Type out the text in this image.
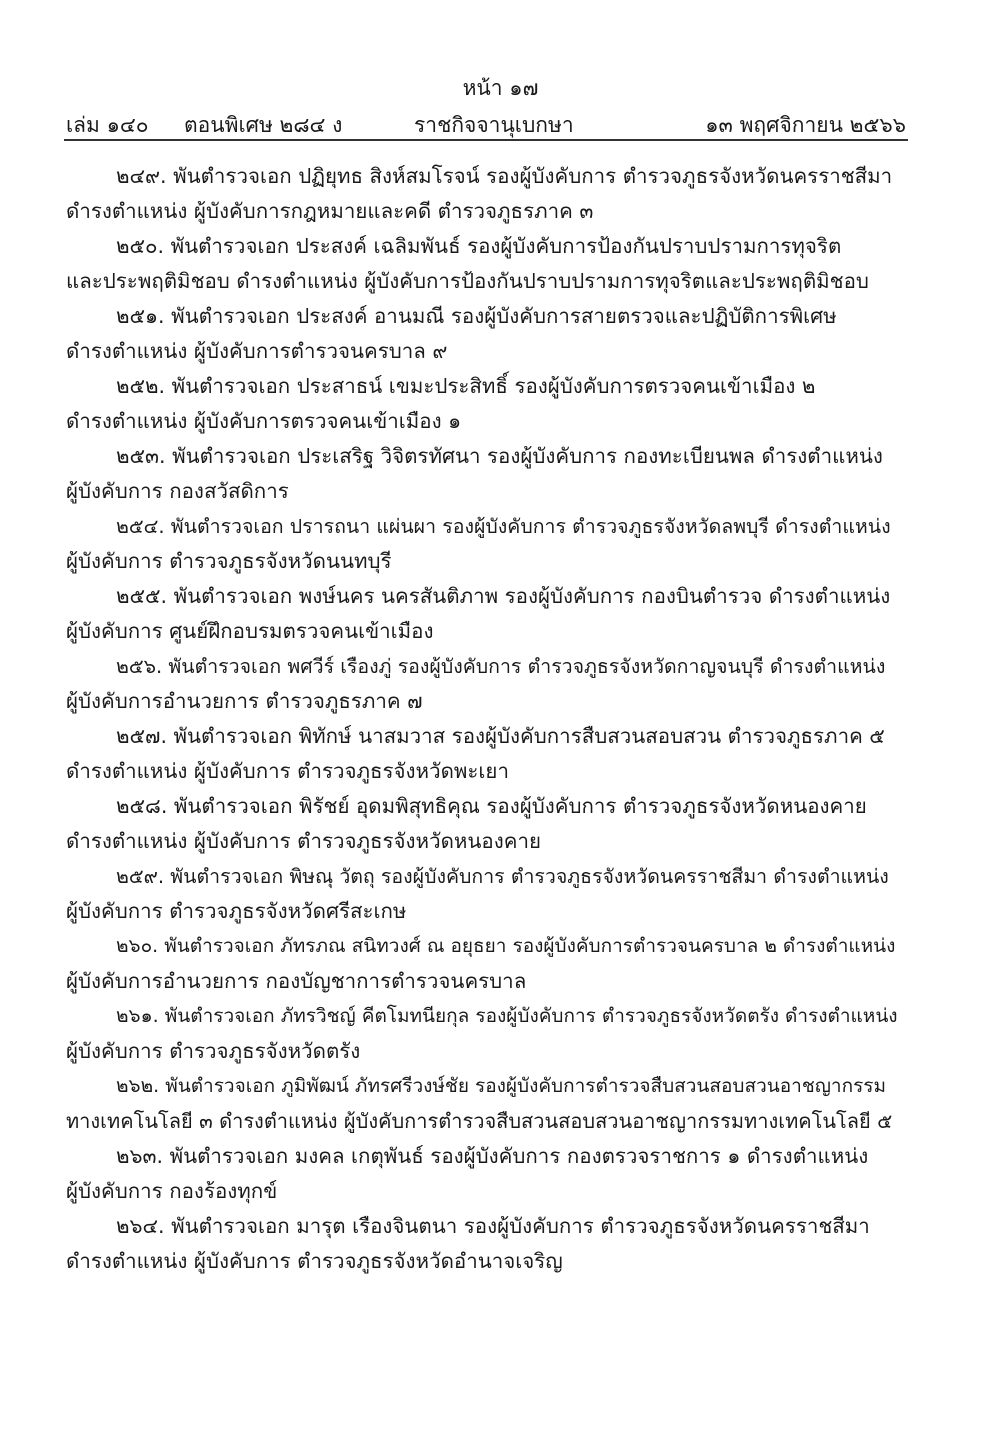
หน้า ๑๗
เล่ม ๑๔๐ ตอนพิเศษ ๒๘๔ ง	ราชกิจจานุเบกษา	๑๓ พฤศจิกายน ๒๕๖๖
๒๔๙. พันตำรวจเอก ปฏิยุทธ สิงห์สมโรจน์ รองผู้บังคับการ ตำรวจภูธรจังหวัดนครราชสีมา
ดำรงตำแหน่ง ผู้บังคับการกฎหมายและคดี ตำรวจภูธรภาค ๓
๒๕๐. พันตำรวจเอก ประสงค์ เฉลิมพันธ์ รองผู้บังคับการป้องกันปราบปรามการทุจริต
และประพฤติมิชอบ ดำรงตำแหน่ง ผู้บังคับการป้องกันปราบปรามการทุจริตและประพฤติมิชอบ
๒๕๑. พันตำรวจเอก ประสงค์ อานมณี รองผู้บังคับการสายตรวจและปฏิบัติการพิเศษ
ดำรงตำแหน่ง ผู้บังคับการตำรวจนครบาล ๙
๒๕๒. พันตำรวจเอก ประสาธน์ เขมะประสิทธิ์ รองผู้บังคับการตรวจคนเข้าเมือง ๒
ดำรงตำแหน่ง ผู้บังคับการตรวจคนเข้าเมือง ๑
๒๕๓. พันตำรวจเอก ประเสริฐ วิจิตรทัศนา รองผู้บังคับการ กองทะเบียนพล ดำรงตำแหน่ง
ผู้บังคับการ กองสวัสดิการ
๒๕๔. พันตำรวจเอก ปรารถนา แผ่นผา รองผู้บังคับการ ตำรวจภูธรจังหวัดลพบุรี ดำรงตำแหน่ง
ผู้บังคับการ ตำรวจภูธรจังหวัดนนทบุรี
๒๕๕. พันตำรวจเอก พงษ์นคร นครสันติภาพ รองผู้บังคับการ กองบินตำรวจ ดำรงตำแหน่ง
ผู้บังคับการ ศูนย์ฝึกอบรมตรวจคนเข้าเมือง
๒๕๖. พันตำรวจเอก พศวีร์ เรืองภู่ รองผู้บังคับการ ตำรวจภูธรจังหวัดกาญจนบุรี ดำรงตำแหน่ง
ผู้บังคับการอำนวยการ ตำรวจภูธรภาค ๗
๒๕๗. พันตำรวจเอก พิทักษ์ นาสมวาส รองผู้บังคับการสืบสวนสอบสวน ตำรวจภูธรภาค ๕
ดำรงตำแหน่ง ผู้บังคับการ ตำรวจภูธรจังหวัดพะเยา
๒๕๘. พันตำรวจเอก พิรัชย์ อุดมพิสุทธิคุณ รองผู้บังคับการ ตำรวจภูธรจังหวัดหนองคาย
ดำรงตำแหน่ง ผู้บังคับการ ตำรวจภูธรจังหวัดหนองคาย
๒๕๙. พันตำรวจเอก พิษณุ วัตถุ รองผู้บังคับการ ตำรวจภูธรจังหวัดนครราชสีมา ดำรงตำแหน่ง
ผู้บังคับการ ตำรวจภูธรจังหวัดศรีสะเกษ
๒๖๐. พันตำรวจเอก ภัทรภณ สนิทวงศ์ ณ อยุธยา รองผู้บังคับการตำรวจนครบาล ๒ ดำรงตำแหน่ง
ผู้บังคับการอำนวยการ กองบัญชาการตำรวจนครบาล
๒๖๑. พันตำรวจเอก ภัทรวิชญ์ คีตโมทนียกุล รองผู้บังคับการ ตำรวจภูธรจังหวัดตรัง ดำรงตำแหน่ง
ผู้บังคับการ ตำรวจภูธรจังหวัดตรัง
๒๖๒. พันตำรวจเอก ภูมิพัฒน์ ภัทรศรีวงษ์ชัย รองผู้บังคับการตำรวจสืบสวนสอบสวนอาชญากรรม
ทางเทคโนโลยี ๓ ดำรงตำแหน่ง ผู้บังคับการตำรวจสืบสวนสอบสวนอาชญากรรมทางเทคโนโลยี ๕
๒๖๓. พันตำรวจเอก มงคล เกตุพันธ์ รองผู้บังคับการ กองตรวจราชการ ๑ ดำรงตำแหน่ง
ผู้บังคับการ กองร้องทุกข์
๒๖๔. พันตำรวจเอก มารุต เรืองจินตนา รองผู้บังคับการ ตำรวจภูธรจังหวัดนครราชสีมา
ดำรงตำแหน่ง ผู้บังคับการ ตำรวจภูธรจังหวัดอำนาจเจริญ
